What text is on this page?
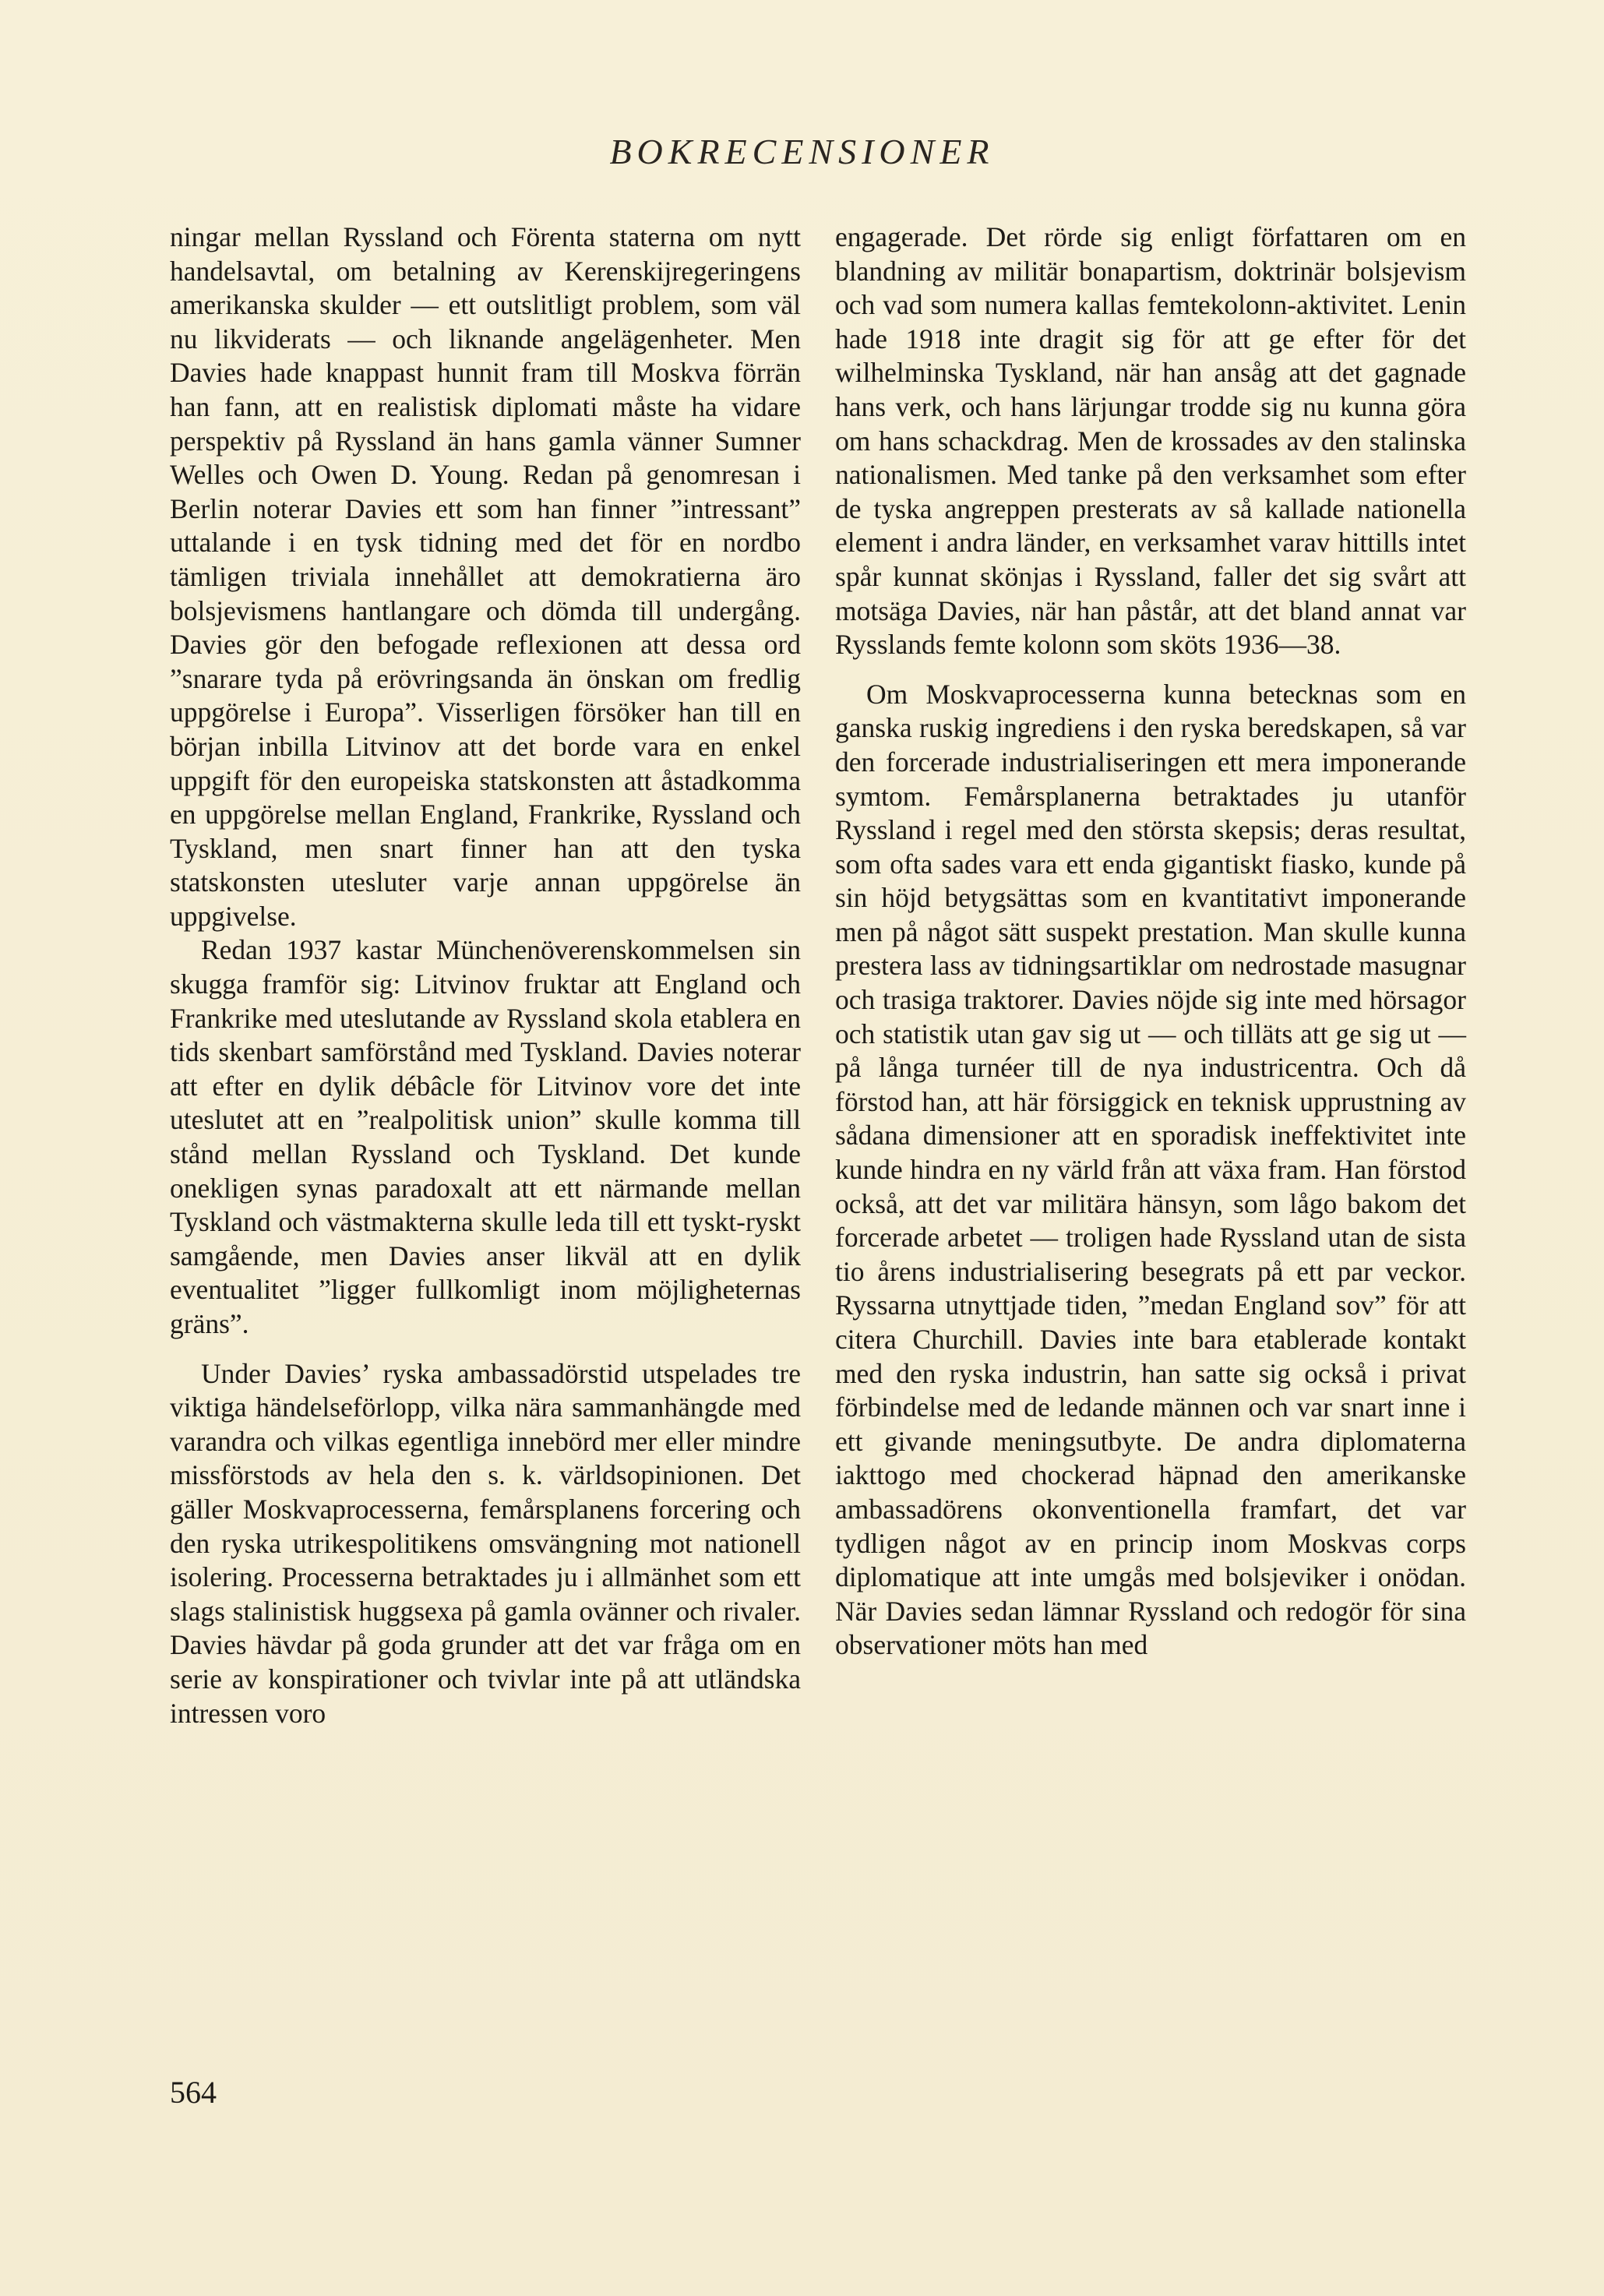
BOKRECENSIONER

ningar mellan Ryssland och Förenta staterna om nytt handelsavtal, om betalning av Kerenskijregeringens amerikanska skulder — ett outslitligt problem, som väl nu likviderats — och liknande angelägenheter. Men Davies hade knappast hunnit fram till Moskva förrän han fann, att en realistisk diplomati måste ha vidare perspektiv på Ryssland än hans gamla vänner Sumner Welles och Owen D. Young. Redan på genomresan i Berlin noterar Davies ett som han finner ”intressant” uttalande i en tysk tidning med det för en nordbo tämligen triviala innehållet att demokratierna äro bolsjevismens hantlangare och dömda till undergång. Davies gör den befogade reflexionen att dessa ord ”snarare tyda på erövringsanda än önskan om fredlig uppgörelse i Europa”. Visserligen försöker han till en början inbilla Litvinov att det borde vara en enkel uppgift för den europeiska statskonsten att åstadkomma en uppgörelse mellan England, Frankrike, Ryssland och Tyskland, men snart finner han att den tyska statskonsten utesluter varje annan uppgörelse än uppgivelse.

Redan 1937 kastar Münchenöverenskommelsen sin skugga framför sig: Litvinov fruktar att England och Frankrike med uteslutande av Ryssland skola etablera en tids skenbart samförstånd med Tyskland. Davies noterar att efter en dylik débâcle för Litvinov vore det inte uteslutet att en ”realpolitisk union” skulle komma till stånd mellan Ryssland och Tyskland. Det kunde onekligen synas paradoxalt att ett närmande mellan Tyskland och västmakterna skulle leda till ett tyskt-ryskt samgående, men Davies anser likväl att en dylik eventualitet ”ligger fullkomligt inom möjligheternas gräns”.

Under Davies’ ryska ambassadörstid utspelades tre viktiga händelseförlopp, vilka nära sammanhängde med varandra och vilkas egentliga innebörd mer eller mindre missförstods av hela den s. k. världsopinionen. Det gäller Moskvaprocesserna, femårsplanens forcering och den ryska utrikespolitikens omsvängning mot nationell isolering. Processerna betraktades ju i allmänhet som ett slags stalinistisk huggsexa på gamla ovänner och rivaler. Davies hävdar på goda grunder att det var fråga om en serie av konspirationer och tvivlar inte på att utländska intressen voro

engagerade. Det rörde sig enligt författaren om en blandning av militär bonapartism, doktrinär bolsjevism och vad som numera kallas femtekolonn-aktivitet. Lenin hade 1918 inte dragit sig för att ge efter för det wilhelminska Tyskland, när han ansåg att det gagnade hans verk, och hans lärjungar trodde sig nu kunna göra om hans schackdrag. Men de krossades av den stalinska nationalismen. Med tanke på den verksamhet som efter de tyska angreppen presterats av så kallade nationella element i andra länder, en verksamhet varav hittills intet spår kunnat skönjas i Ryssland, faller det sig svårt att motsäga Davies, när han påstår, att det bland annat var Rysslands femte kolonn som sköts 1936—38.

Om Moskvaprocesserna kunna betecknas som en ganska ruskig ingrediens i den ryska beredskapen, så var den forcerade industrialiseringen ett mera imponerande symtom. Femårsplanerna betraktades ju utanför Ryssland i regel med den största skepsis; deras resultat, som ofta sades vara ett enda gigantiskt fiasko, kunde på sin höjd betygsättas som en kvantitativt imponerande men på något sätt suspekt prestation. Man skulle kunna prestera lass av tidningsartiklar om nedrostade masugnar och trasiga traktorer. Davies nöjde sig inte med hörsagor och statistik utan gav sig ut — och tilläts att ge sig ut — på långa turnéer till de nya industricentra. Och då förstod han, att här försiggick en teknisk upprustning av sådana dimensioner att en sporadisk ineffektivitet inte kunde hindra en ny värld från att växa fram. Han förstod också, att det var militära hänsyn, som lågo bakom det forcerade arbetet — troligen hade Ryssland utan de sista tio årens industrialisering besegrats på ett par veckor. Ryssarna utnyttjade tiden, ”medan England sov” för att citera Churchill. Davies inte bara etablerade kontakt med den ryska industrin, han satte sig också i privat förbindelse med de ledande männen och var snart inne i ett givande meningsutbyte. De andra diplomaterna iakttogo med chockerad häpnad den amerikanske ambassadörens okonventionella framfart, det var tydligen något av en princip inom Moskvas corps diplomatique att inte umgås med bolsjeviker i onödan. När Davies sedan lämnar Ryssland och redogör för sina observationer möts han med

564
